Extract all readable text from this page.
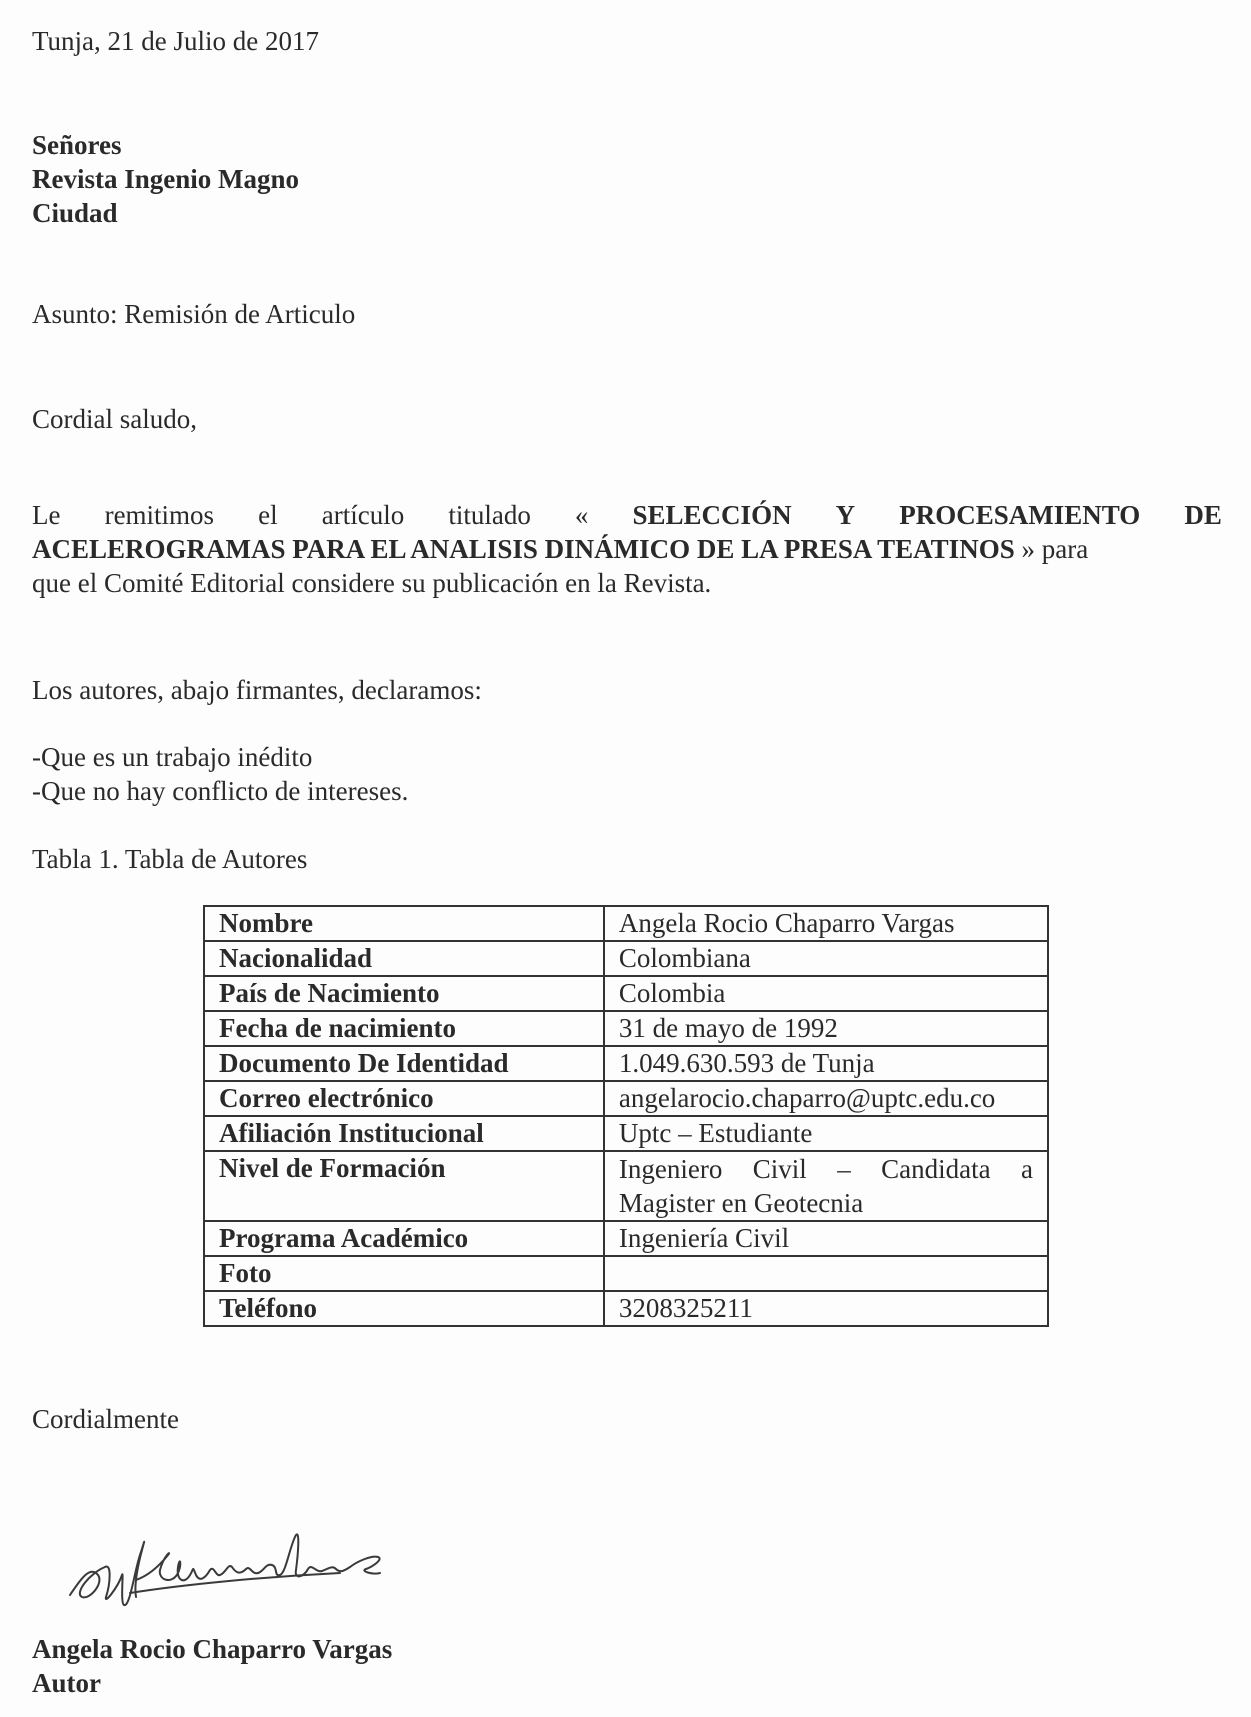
Tunja, 21 de Julio de 2017
Señores
Revista Ingenio Magno
Ciudad
Asunto: Remisión de Articulo
Cordial saludo,
Le remitimos el artículo titulado « SELECCIÓN Y PROCESAMIENTO DE
ACELEROGRAMAS PARA EL ANALISIS DINÁMICO DE LA PRESA TEATINOS » para
que el Comité Editorial considere su publicación en la Revista.
Los autores, abajo firmantes, declaramos:
-Que es un trabajo inédito
-Que no hay conflicto de intereses.
Tabla 1. Tabla de Autores
Nombre	Angela Rocio Chaparro Vargas
Nacionalidad	Colombiana
País de Nacimiento	Colombia
Fecha de nacimiento	31 de mayo de 1992
Documento De Identidad	1.049.630.593 de Tunja
Correo electrónico	angelarocio.chaparro@uptc.edu.co
Afiliación Institucional	Uptc – Estudiante
Nivel de Formación	Ingeniero Civil – Candidata a Magister en Geotecnia
Programa Académico	Ingeniería Civil
Foto	
Teléfono	3208325211
Cordialmente
Angela Rocio Chaparro Vargas
Autor
